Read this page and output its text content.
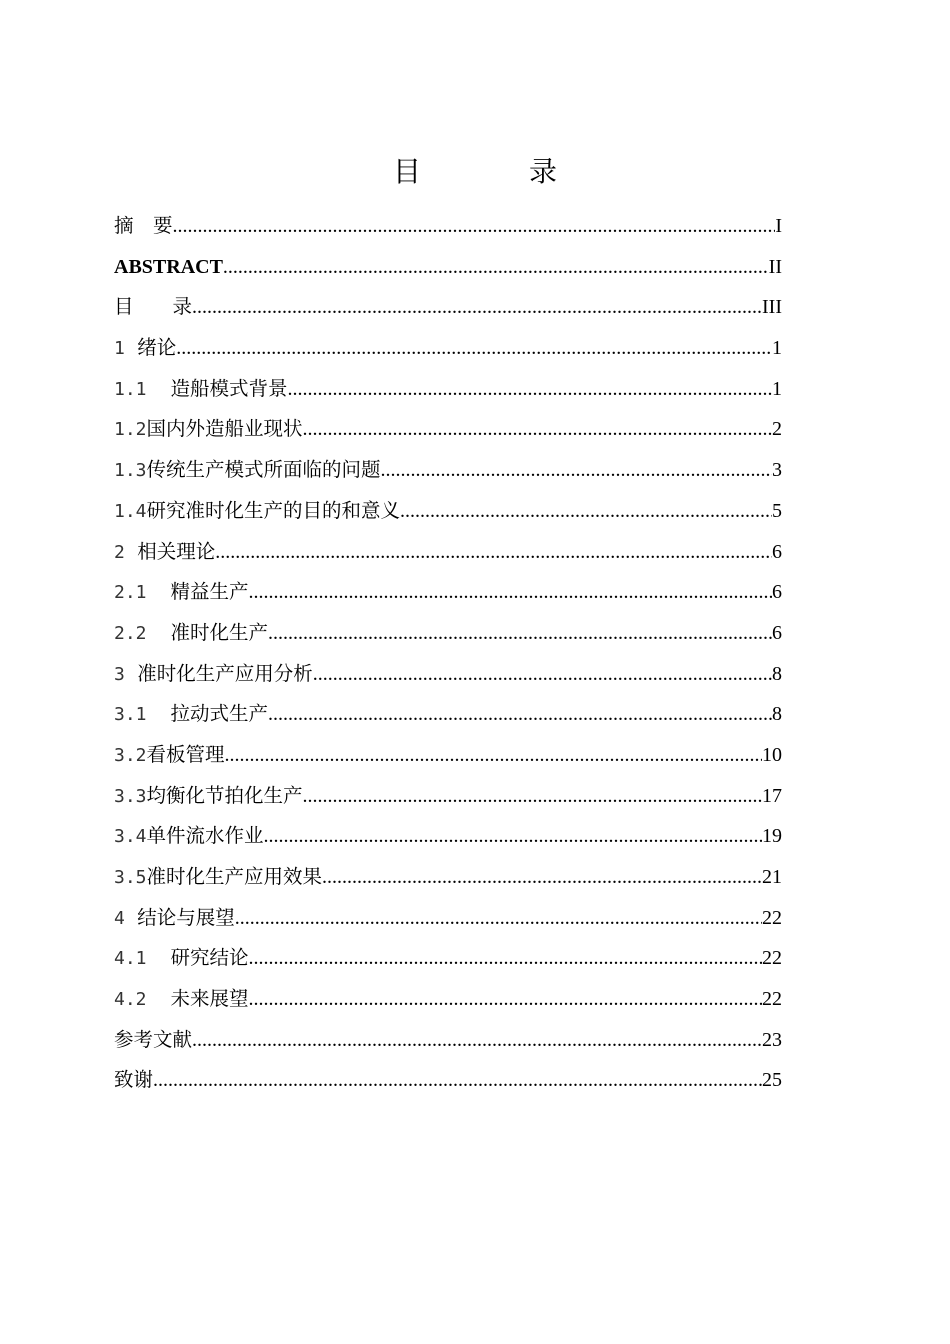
目　录
摘　要 .....	I
ABSTRACT .....	II
目　　录 .....	III
1 绪论 .....	1
1.1 造船模式背景 .....	1
1.2国内外造船业现状 .....	2
1.3传统生产模式所面临的问题 .....	3
1.4研究准时化生产的目的和意义 .....	5
2 相关理论 .....	6
2.1 精益生产 .....	6
2.2 准时化生产 .....	6
3 准时化生产应用分析 .....	8
3.1 拉动式生产 .....	8
3.2看板管理 .....	10
3.3均衡化节拍化生产 .....	17
3.4单件流水作业 .....	19
3.5准时化生产应用效果 .....	21
4 结论与展望 .....	22
4.1 研究结论 .....	22
4.2 未来展望 .....	22
参考文献 .....	23
致谢 .....	25
